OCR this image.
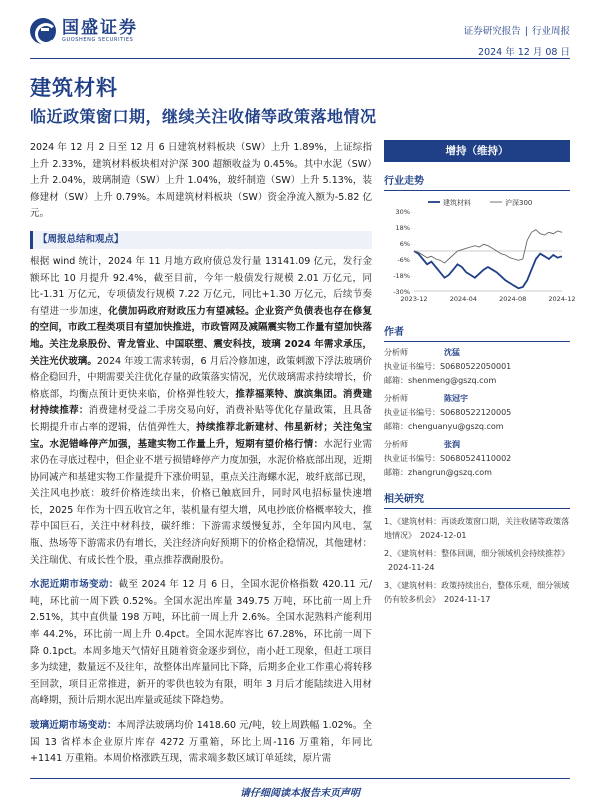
国盛证券
GUOSHENG SECURITIES
证券研究报告 | 行业周报
2024 年 12 月 08 日
建筑材料
临近政策窗口期，继续关注收储等政策落地情况

2024 年 12 月 2 日至 12 月 6 日建筑材料板块（SW）上升 1.89%，上证综指上升 2.33%，建筑材料板块相对沪深 300 超额收益为 0.45%。其中水泥（SW）上升 2.04%，玻璃制造（SW）上升 1.04%，玻纤制造（SW）上升 5.13%，装修建材（SW）上升 0.79%。本周建筑材料板块（SW）资金净流入额为-5.82 亿元。

【周报总结和观点】

根据 wind 统计，2024 年 11 月地方政府债总发行量 13141.09 亿元，发行金额环比 10 月提升 92.4%，截至目前，今年一般债发行规模 2.01 万亿元，同比-1.31 万亿元，专项债发行规模 7.22 万亿元，同比+1.30 万亿元，后续节奏有望进一步加速，化债加码政府财政压力有望减轻。企业资产负债表也存在修复的空间，市政工程类项目有望加快推进，市政管网及减隔震实物工作量有望加快落地。关注龙泉股份、青龙管业、中国联塑、震安科技，玻璃 2024 年需求承压，关注光伏玻璃。2024 年竣工需求转弱，6 月后冷修加速，政策刺激下浮法玻璃价格企稳回升，中期需要关注优化存量的政策落实情况，光伏玻璃需求持续增长，价格底部，均衡点预计更快来临，价格弹性较大，推荐福莱特、旗滨集团。消费建材持续推荐：消费建材受益二手房交易向好，消费补贴等优化存量政策，且具备长期提升市占率的逻辑，估值弹性大，持续推荐北新建材、伟星新材；关注兔宝宝。水泥错峰停产加强，基建实物工作量上升，短期有望价格行情：水泥行业需求仍在寻底过程中，但企业不堪亏损错峰停产力度加强，水泥价格底部出现，近期协同减产和基建实物工作量提升下涨价明显，重点关注海螺水泥，玻纤底部已现，关注风电抄底：玻纤价格连续出来，价格已触底回升，同时风电招标量快速增长，2025 年作为十四五收官之年，装机量有望大增，风电抄底价格概率较大，推荐中国巨石，关注中材科技，碳纤维：下游需求缓慢复苏，全年国内风电、氢瓶、热场等下游需求仍有增长，关注经济向好预期下的价格企稳情况，其他建材：关注瑞优、有成长性个股，重点推荐濮耐股份。

水泥近期市场变动：截至 2024 年 12 月 6 日，全国水泥价格指数 420.11 元/吨，环比前一周下跌 0.52%。全国水泥出库量 349.75 万吨，环比前一周上升 2.51%，其中直供量 198 万吨，环比前一周上升 2.6%。全国水泥熟料产能利用率 44.2%，环比前一周上升 0.4pct。全国水泥库容比 67.28%，环比前一周下降 0.1pct。本周多地天气情好且随着资金逐步到位，南小赶工现象，但赶工项目多为续建，数量远不及往年，故整体出库量同比下降，后期多企业工作重心将转移至回款，项目正常推进，新开的零供也较为有限，明年 3 月后才能陆续进入用材高峰期，预计后期水泥出库量或延续下降趋势。

玻璃近期市场变动：本周浮法玻璃均价 1418.60 元/吨，较上周跌幅 1.02%。全国 13 省样本企业原片库存 4272 万重箱，环比上周-116 万重箱，年同比+1141 万重箱。本周价格涨跌互现，需求端多数区域订单延续，原片需

增持（维持）
行业走势
30%
18%
6%
-6%
-18%
-30%
2023-12	2024-04	2024-08	2024-12
建筑材料	沪深300
作者
分析师	沈猛
执业证书编号： S0680522050001
邮箱： shenmeng@gszq.com
分析师	陈冠宇
执业证书编号： S0680522120005
邮箱： chenguanyu@gszq.com
分析师	张润
执业证书编号： S0680524110002
邮箱： zhangrun@gszq.com
相关研究
1、《建筑材料：再谈政策窗口期，关注收储等政策落地情况》 2024-12-01
2、《建筑材料：整体回调，细分领域机会持续推荐》2024-11-24
3、《建筑材料：政策持续出台，整体乐观，细分领域仍有较多机会》 2024-11-17
请仔细阅读本报告末页声明
